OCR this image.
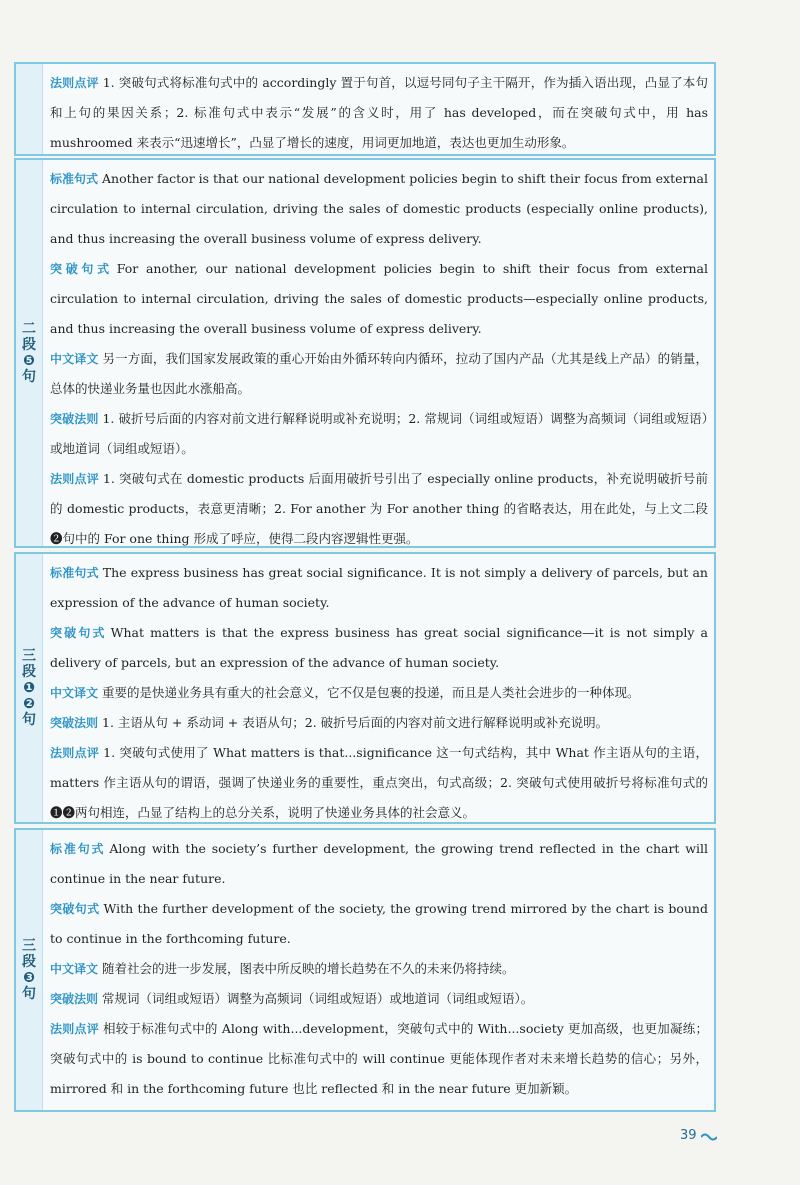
法则点评 1. 突破句式将标准句式中的 accordingly 置于句首，以逗号同句子主干隔开，作为插入语出现，凸显了本句和上句的果因关系；2. 标准句式中表示“发展”的含义时，用了 has developed，而在突破句式中，用 has mushroomed 来表示“迅速增长”，凸显了增长的速度，用词更加地道，表达也更加生动形象。
二段❺句
标准句式 Another factor is that our national development policies begin to shift their focus from external circulation to internal circulation, driving the sales of domestic products (especially online products), and thus increasing the overall business volume of express delivery.
突破句式 For another, our national development policies begin to shift their focus from external circulation to internal circulation, driving the sales of domestic products—especially online products, and thus increasing the overall business volume of express delivery.
中文译文 另一方面，我们国家发展政策的重心开始由外循环转向内循环，拉动了国内产品（尤其是线上产品）的销量，总体的快递业务量也因此水涨船高。
突破法则 1. 破折号后面的内容对前文进行解释说明或补充说明；2. 常规词（词组或短语）调整为高频词（词组或短语）或地道词（词组或短语）。
法则点评 1. 突破句式在 domestic products 后面用破折号引出了 especially online products，补充说明破折号前的 domestic products，表意更清晰；2. For another 为 For another thing 的省略表达，用在此处，与上文二段❷句中的 For one thing 形成了呼应，使得二段内容逻辑性更强。
三段❶❷句
标准句式 The express business has great social significance. It is not simply a delivery of parcels, but an expression of the advance of human society.
突破句式 What matters is that the express business has great social significance—it is not simply a delivery of parcels, but an expression of the advance of human society.
中文译文 重要的是快递业务具有重大的社会意义，它不仅是包裹的投递，而且是人类社会进步的一种体现。
突破法则 1. 主语从句 + 系动词 + 表语从句；2. 破折号后面的内容对前文进行解释说明或补充说明。
法则点评 1. 突破句式使用了 What matters is that...significance 这一句式结构，其中 What 作主语从句的主语，matters 作主语从句的谓语，强调了快递业务的重要性，重点突出，句式高级；2. 突破句式使用破折号将标准句式的❶❷两句相连，凸显了结构上的总分关系，说明了快递业务具体的社会意义。
三段❸句
标准句式 Along with the society’s further development, the growing trend reflected in the chart will continue in the near future.
突破句式 With the further development of the society, the growing trend mirrored by the chart is bound to continue in the forthcoming future.
中文译文 随着社会的进一步发展，图表中所反映的增长趋势在不久的未来仍将持续。
突破法则 常规词（词组或短语）调整为高频词（词组或短语）或地道词（词组或短语）。
法则点评 相较于标准句式中的 Along with...development，突破句式中的 With...society 更加高级，也更加凝练；突破句式中的 is bound to continue 比标准句式中的 will continue 更能体现作者对未来增长趋势的信心；另外，mirrored 和 in the forthcoming future 也比 reflected 和 in the near future 更加新颖。
39
